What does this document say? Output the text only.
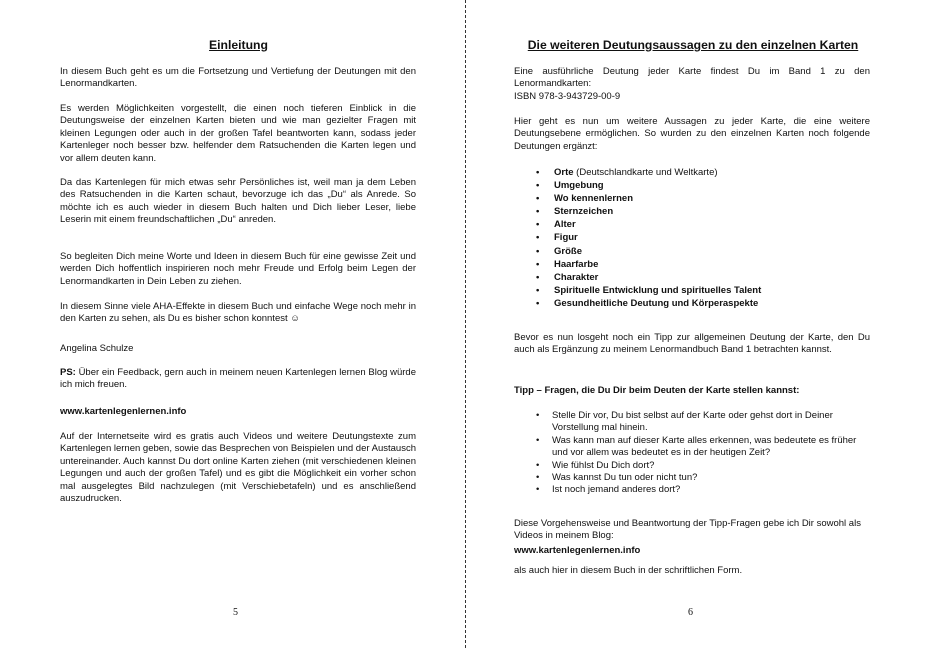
Einleitung

In diesem Buch geht es um die Fortsetzung und Vertiefung der Deutungen mit den Lenormandkarten.

Es werden Möglichkeiten vorgestellt, die einen noch tieferen Einblick in die Deutungsweise der einzelnen Karten bieten und wie man gezielter Fragen mit kleinen Legungen oder auch in der großen Tafel beantworten kann, sodass jeder Kartenleger noch besser bzw. helfender dem Ratsuchenden die Karten legen und vor allem deuten kann.

Da das Kartenlegen für mich etwas sehr Persönliches ist, weil man ja dem Leben des Ratsuchenden in die Karten schaut, bevorzuge ich das „Du“ als Anrede. So möchte ich es auch wieder in diesem Buch halten und Dich lieber Leser, liebe Leserin mit einem freundschaftlichen „Du“ anreden.

So begleiten Dich meine Worte und Ideen in diesem Buch für eine gewisse Zeit und werden Dich hoffentlich inspirieren noch mehr Freude und Erfolg beim Legen der Lenormandkarten in Dein Leben zu ziehen.

In diesem Sinne viele AHA-Effekte in diesem Buch und einfache Wege noch mehr in den Karten zu sehen, als Du es bisher schon konntest ☺

Angelina Schulze

PS: Über ein Feedback, gern auch in meinem neuen Kartenlegen lernen Blog würde ich mich freuen.

www.kartenlegenlernen.info

Auf der Internetseite wird es gratis auch Videos und weitere Deutungstexte zum Kartenlegen lernen geben, sowie das Besprechen von Beispielen und der Austausch untereinander. Auch kannst Du dort online Karten ziehen (mit verschiedenen kleinen Legungen und auch der großen Tafel) und es gibt die Möglichkeit ein vorher schon mal ausgelegtes Bild nachzulegen (mit Verschiebetafeln) und es anschließend auszudrucken.

5
Die weiteren Deutungsaussagen zu den einzelnen Karten

Eine ausführliche Deutung jeder Karte findest Du im Band 1 zu den Lenormandkarten:

ISBN 978-3-943729-00-9

Hier geht es nun um weitere Aussagen zu jeder Karte, die eine weitere Deutungsebene ermöglichen. So wurden zu den einzelnen Karten noch folgende Deutungen ergänzt:

• Orte (Deutschlandkarte und Weltkarte)
• Umgebung
• Wo kennenlernen
• Sternzeichen
• Alter
• Figur
• Größe
• Haarfarbe
• Charakter
• Spirituelle Entwicklung und spirituelles Talent
• Gesundheitliche Deutung und Körperaspekte

Bevor es nun losgeht noch ein Tipp zur allgemeinen Deutung der Karte, den Du auch als Ergänzung zu meinem Lenormandbuch Band 1 betrachten kannst.

Tipp – Fragen, die Du Dir beim Deuten der Karte stellen kannst:

• Stelle Dir vor, Du bist selbst auf der Karte oder gehst dort in Deiner Vorstellung mal hinein.
• Was kann man auf dieser Karte alles erkennen, was bedeutete es früher und vor allem was bedeutet es in der heutigen Zeit?
• Wie fühlst Du Dich dort?
• Was kannst Du tun oder nicht tun?
• Ist noch jemand anderes dort?

Diese Vorgehensweise und Beantwortung der Tipp-Fragen gebe ich Dir sowohl als Videos in meinem Blog:

www.kartenlegenlernen.info

als auch hier in diesem Buch in der schriftlichen Form.

6
